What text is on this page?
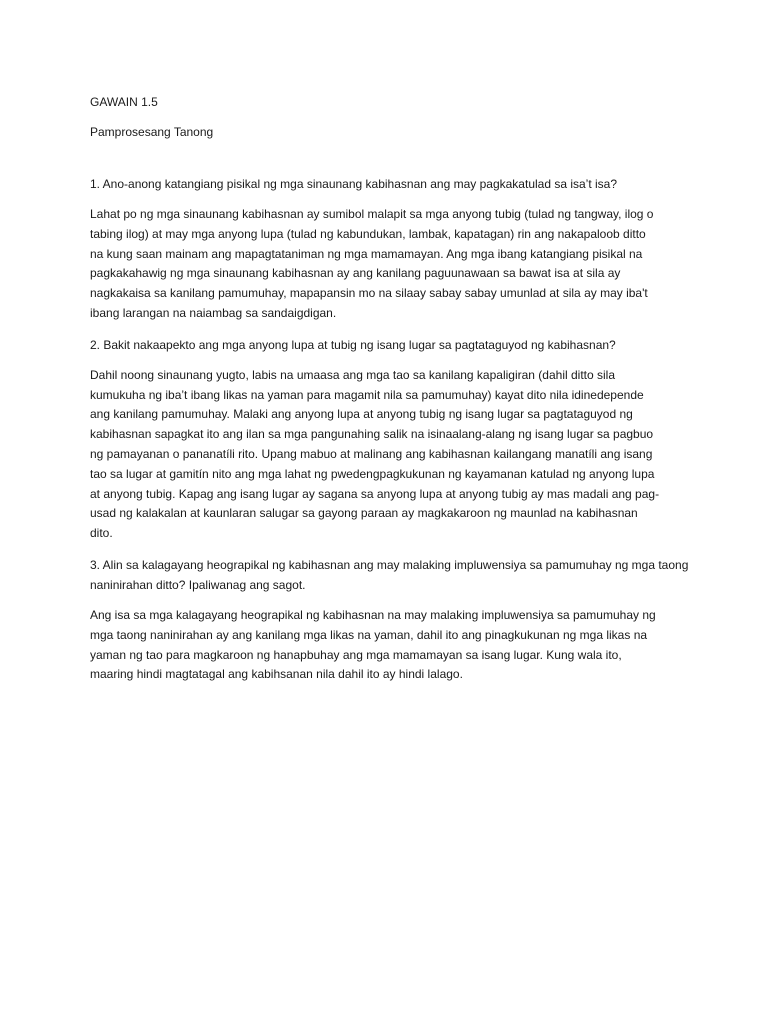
GAWAIN 1.5

Pamprosesang Tanong

1. Ano-anong katangiang pisikal ng mga sinaunang kabihasnan ang may pagkakatulad sa isa’t isa?

Lahat po ng mga sinaunang kabihasnan ay sumibol malapit sa mga anyong tubig (tulad ng tangway, ilog o
tabing ilog) at may mga anyong lupa (tulad ng kabundukan, lambak, kapatagan) rin ang nakapaloob ditto
na kung saan mainam ang mapagtataniman ng mga mamamayan. Ang mga ibang katangiang pisikal na
pagkakahawig ng mga sinaunang kabihasnan ay ang kanilang paguunawaan sa bawat isa at sila ay
nagkakaisa sa kanilang pamumuhay, mapapansin mo na silaay sabay sabay umunlad at sila ay may iba't
ibang larangan na naiambag sa sandaigdigan.

2. Bakit nakaapekto ang mga anyong lupa at tubig ng isang lugar sa pagtataguyod ng kabihasnan?

Dahil noong sinaunang yugto, labis na umaasa ang mga tao sa kanilang kapaligiran (dahil ditto sila
kumukuha ng iba’t ibang likas na yaman para magamit nila sa pamumuhay) kayat dito nila idinedepende
ang kanilang pamumuhay. Malaki ang anyong lupa at anyong tubig ng isang lugar sa pagtataguyod ng
kabihasnan sapagkat ito ang ilan sa mga pangunahing salik na isinaalang-alang ng isang lugar sa pagbuo
ng pamayanan o pananatíli rito. Upang mabuo at malinang ang kabihasnan kailangang manatíli ang isang
tao sa lugar at gamitín nito ang mga lahat ng pwedengpagkukunan ng kayamanan katulad ng anyong lupa
at anyong tubig. Kapag ang isang lugar ay sagana sa anyong lupa at anyong tubig ay mas madali ang pag-
usad ng kalakalan at kaunlaran salugar sa gayong paraan ay magkakaroon ng maunlad na kabihasnan
dito.

3. Alin sa kalagayang heograpikal ng kabihasnan ang may malaking impluwensiya sa pamumuhay ng mga taong naninirahan ditto? Ipaliwanag ang sagot.

Ang isa sa mga kalagayang heograpikal ng kabihasnan na may malaking impluwensiya sa pamumuhay ng
mga taong naninirahan ay ang kanilang mga likas na yaman, dahil ito ang pinagkukunan ng mga likas na
yaman ng tao para magkaroon ng hanapbuhay ang mga mamamayan sa isang lugar. Kung wala ito,
maaring hindi magtatagal ang kabihsanan nila dahil ito ay hindi lalago.
